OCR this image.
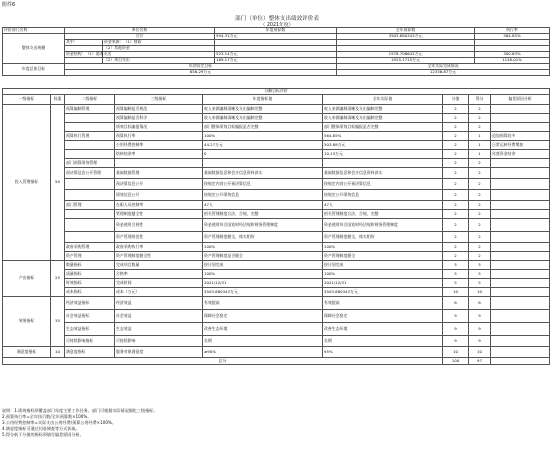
附件6
部门（单位）整体支出绩效评价表
（ 2021年度）
评价部门名称	单位名称		年度预算数	全年预算数	执行率
整体支出规模	合计		594.31万元	3503.880343万元	564.85%
	其中：	资金来源：（1）财政			
		（2）其他资金			
	资金结构：（1）基本支出		523.14万元	1578.708642万元	300.63%
		（2）项目支出	169.17万元	1925.1715万元	1138.01%
年度总体目标	年初设定目标			全年实际完成情况	
	656.29万元			12336.87万元	
分解目标评价								
一级指标	权重	二级指标	三级指标	年度指标值	全年实际值	分值	得分	偏差原因分析
投入管理指标	50	预算编制管理	预算编制是否规范	收入来源编制清晰及支出编制完整	收入来源编制清晰及支出编制完整	2	2	
			预算编制是否科学	收入来源编制清晰及支出编制完整	收入来源编制清晰及支出编制完整	2	2	
			绩效目标编报情况	部门整体绩效目标编报是否完整	部门整体绩效目标编报是否完整	2	2	
		预算执行管理	预算执行率	100%	564.85%	2	1	追加预算较多
			公用经费控制率	44.27万元	503.89万元	2	1	日常运转经费增加
			结转结余率	0	10.13万元	2	1	年底资金结余
		部门预算绩效管理				2	2	
		预决算信息公开管理	基础数据管理	基础数据信息和会计信息资料真实	基础数据信息和会计信息资料真实	2	2	
			预决算信息公开	按规定内容公开预决算信息	按规定内容公开预决算信息	2	2	
			绩效信息公开	按规定公开绩效信息	按规定公开绩效信息	2	2	
		部门管理	在职人员控制率	47人	47人	2	2	
			管理制度健全性	相关管理制度合法、合规、完整	相关管理制度合法、合规、完整	2	2	
			资金使用合规性	资金使用符合国家财经法规和财务管理制度	资金使用符合国家财经法规和财务管理制度	2	2	
			资产管理规范性	资产管理制度健全，账实相符	资产管理制度健全，账实相符	2	2	
		政府采购管理	政府采购执行率	100%	100%	2	2	
		资产管理	资产管理制度健全性	资产管理制度是否健全	资产管理制度健全	2	2	
产出指标	25	数量指标	完成项目数量	按计划完成	按计划完成	5	5	
		质量指标	合格率	100%	100%	5	5	
		时效指标	完成时间	2021/12/31	2021/12/31	5	5	
		成本指标	成本（万元）	3503.880343万元	3503.880343万元	10	10	
效果指标	35	经济效益指标	经济效益	有效提高	有效提高	8	8	
		社会效益指标	社会效益	保障社会稳定	保障社会稳定	9	9	
		生态效益指标	生态效益	改善生态环境	改善生态环境	9	9	
		可持续影响指标	可持续影响	长期	长期	9	9	
满意度指标	10	满意度指标	服务对象满意度	≥90%	95%	10	10	
总分						100	97	
说明：1.绩效指标须覆盖部门年度主要工作任务，部门可根据实际情况细化三级指标。
2.预算执行率=全年执行数/全年预算数×100%。
3.公用经费控制率=实际支出公用经费/预算公用经费×100%。
4.满意度指标可通过问卷调查等方式获取。
5.得分低于分值的指标须填写偏差原因分析。
